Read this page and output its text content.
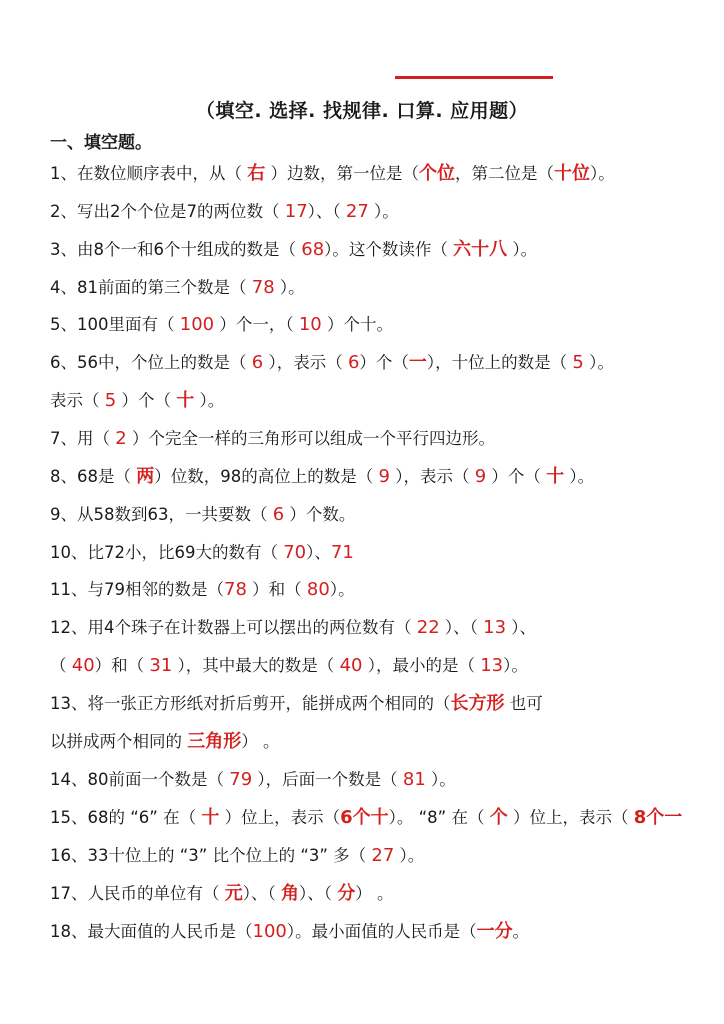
（填空. 选择. 找规律. 口算. 应用题）
一、填空题。
1、在数位顺序表中，从（ 右 ）边数，第一位是（个位，第二位是（十位）。
2、写出2个个位是7的两位数（ 17）、（ 27 ）。
3、由8个一和6个十组成的数是（ 68）。这个数读作（ 六十八 ）。
4、81前面的第三个数是（ 78 ）。
5、100里面有（ 100 ）个一，（ 10 ）个十。
6、56中，个位上的数是（ 6 ），表示（ 6）个（一），十位上的数是（ 5 ）。
表示（ 5 ）个（ 十 ）。
7、用（ 2 ）个完全一样的三角形可以组成一个平行四边形。
8、68是（ 两）位数，98的高位上的数是（ 9 ），表示（ 9 ）个（ 十 ）。
9、从58数到63，一共要数（ 6 ）个数。
10、比72小，比69大的数有（ 70）、71
11、与79相邻的数是（78 ）和（ 80）。
12、用4个珠子在计数器上可以摆出的两位数有（ 22 ）、（ 13 ）、
（ 40）和（ 31 ），其中最大的数是（ 40 ），最小的是（ 13）。
13、将一张正方形纸对折后剪开，能拼成两个相同的（长方形 也可
以拼成两个相同的 三角形） 。
14、80前面一个数是（ 79 ），后面一个数是（ 81 ）。
15、68的 “6” 在（ 十 ）位上，表示（6个十）。 “8” 在（ 个 ）位上，表示（ 8个一
16、33十位上的 “3” 比个位上的 “3” 多（ 27 ）。
17、人民币的单位有（ 元）、（ 角）、（ 分） 。
18、最大面值的人民币是（100）。最小面值的人民币是（一分。
